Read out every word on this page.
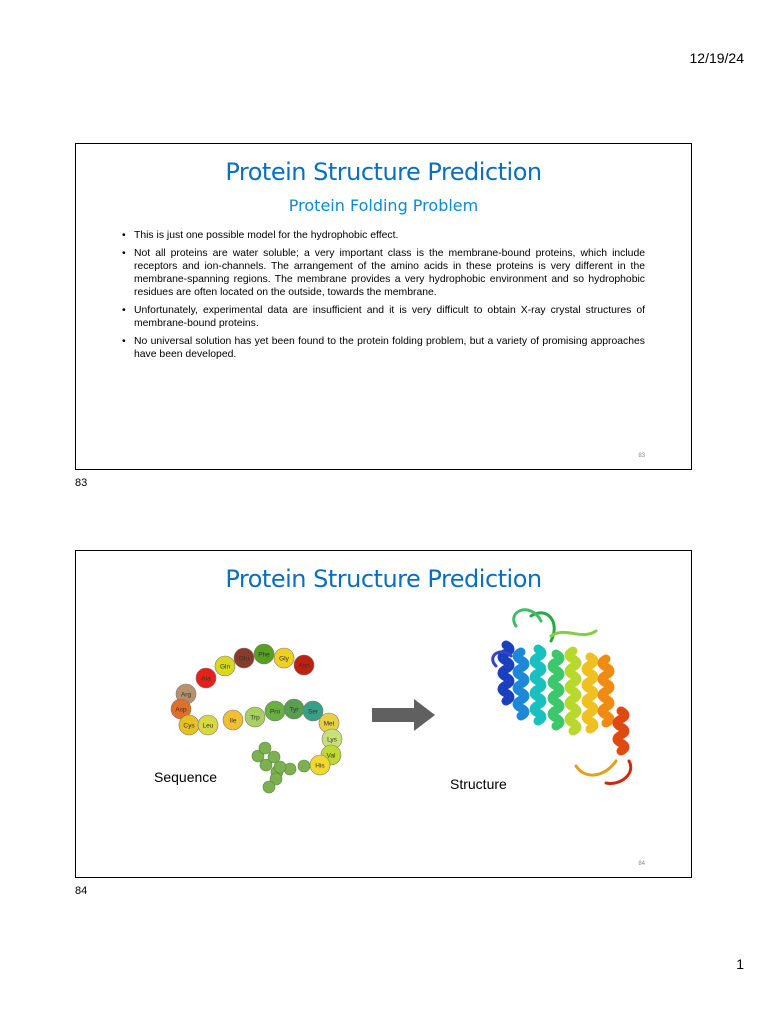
12/19/24
Protein Structure Prediction
Protein Folding Problem
• This is just one possible model for the hydrophobic effect.
• Not all proteins are water soluble; a very important class is the membrane-bound proteins, which include receptors and ion-channels. The arrangement of the amino acids in these proteins is very different in the membrane-spanning regions. The membrane provides a very hydrophobic environment and so hydrophobic residues are often located on the outside, towards the membrane.
• Unfortunately, experimental data are insufficient and it is very difficult to obtain X-ray crystal structures of membrane-bound proteins.
• No universal solution has yet been found to the protein folding problem, but a variety of promising approaches have been developed.
83
83
Protein Structure Prediction
Ala
Gln
Glu
Phe
Gly
Asn
Arg
Asp
Cys Leu
Ile Trp
Pro Tyr Ser
Met
Lys
Val
His
Sequence	Structure
84
84
1
